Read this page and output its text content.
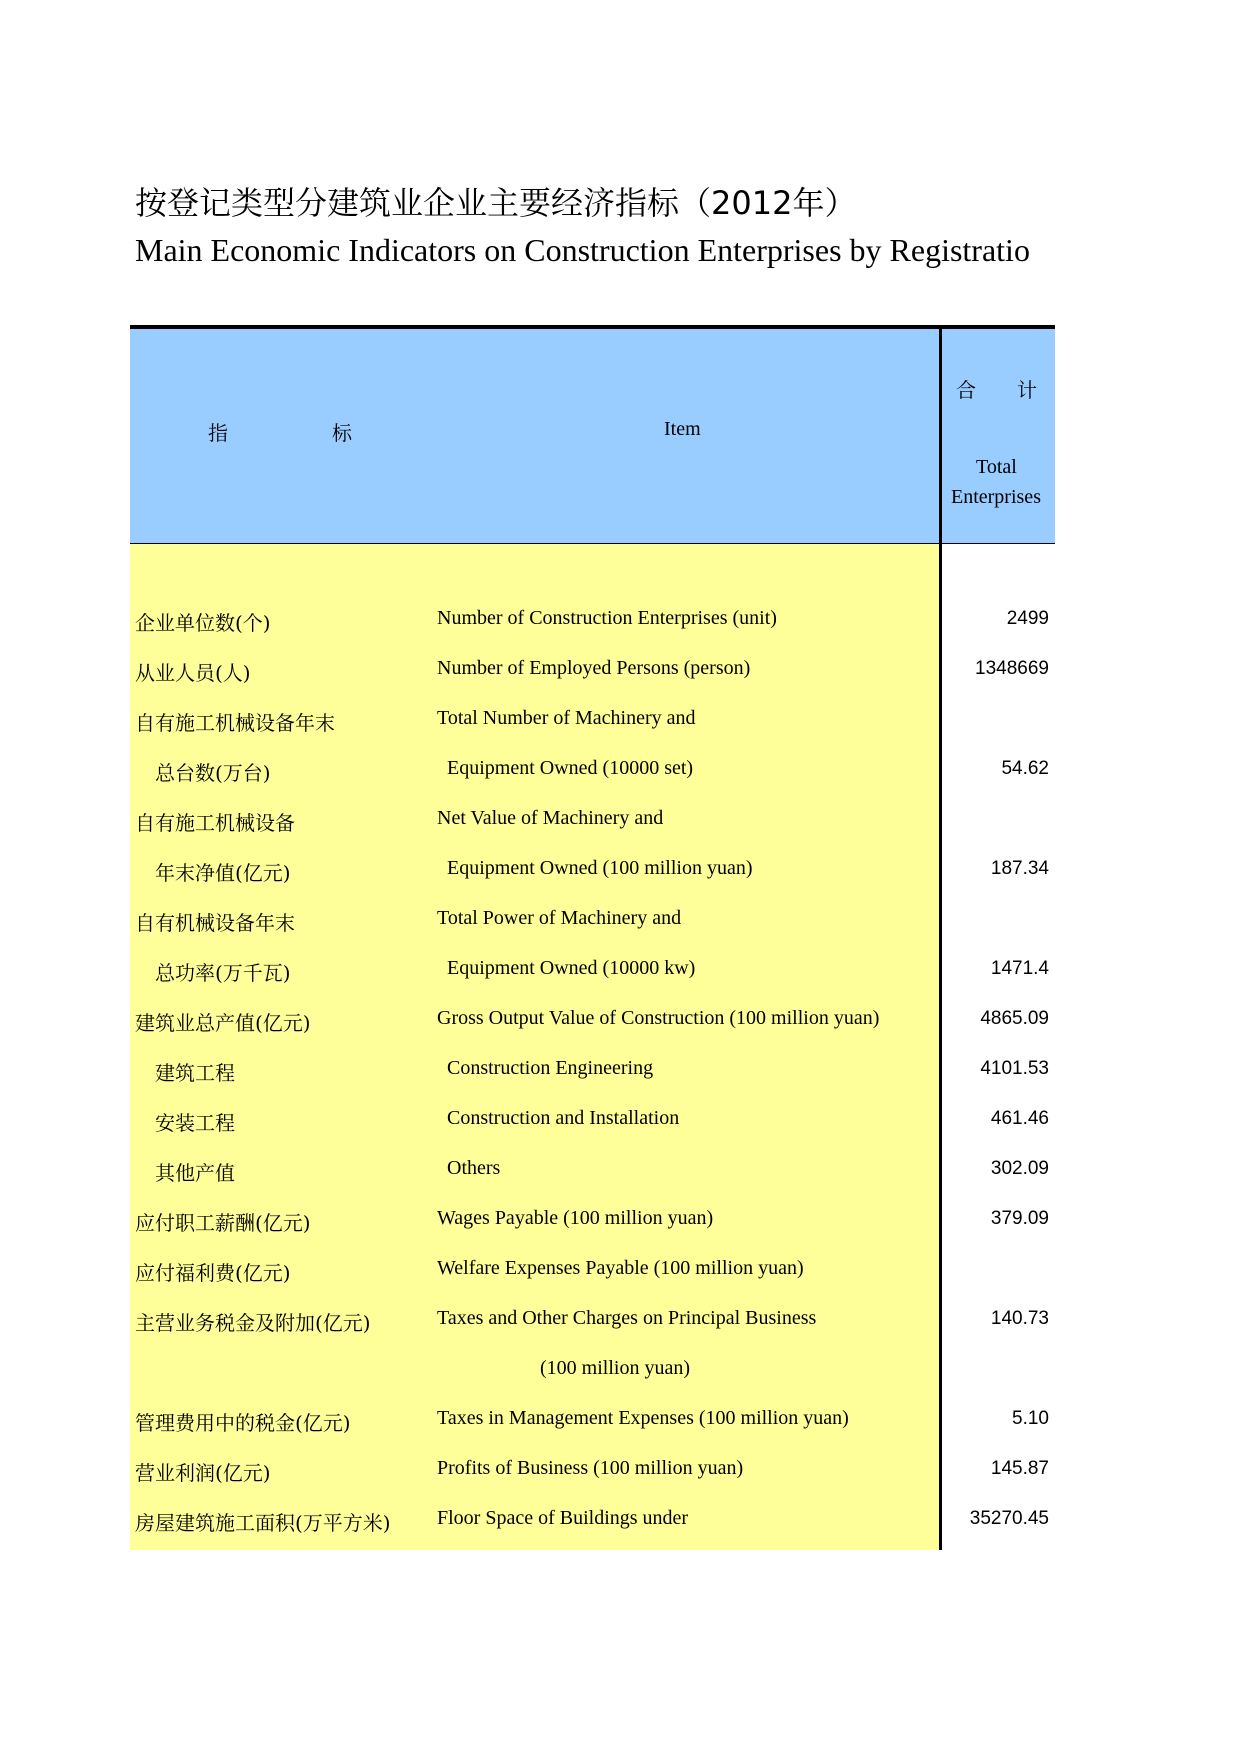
按登记类型分建筑业企业主要经济指标（2012年）
Main Economic Indicators on Construction Enterprises by Registratio
指	标	Item
合 计
Total
Enterprises
企业单位数(个)	Number of Construction Enterprises (unit)	2499
从业人员(人)	Number of Employed Persons (person)	1348669
自有施工机械设备年末	Total Number of Machinery and
总台数(万台)	Equipment Owned (10000 set)	54.62
自有施工机械设备	Net Value of Machinery and
年末净值(亿元)	Equipment Owned (100 million yuan)	187.34
自有机械设备年末	Total Power of Machinery and
总功率(万千瓦)	Equipment Owned (10000 kw)	1471.4
建筑业总产值(亿元)	Gross Output Value of Construction (100 million yuan)	4865.09
建筑工程	Construction Engineering	4101.53
安装工程	Construction and Installation	461.46
其他产值	Others	302.09
应付职工薪酬(亿元)	Wages Payable (100 million yuan)	379.09
应付福利费(亿元)	Welfare Expenses Payable (100 million yuan)
主营业务税金及附加(亿元)	Taxes and Other Charges on Principal Business	140.73
(100 million yuan)
管理费用中的税金(亿元)	Taxes in Management Expenses (100 million yuan)	5.10
营业利润(亿元)	Profits of Business (100 million yuan)	145.87
房屋建筑施工面积(万平方米) Floor Space of Buildings under	35270.45
